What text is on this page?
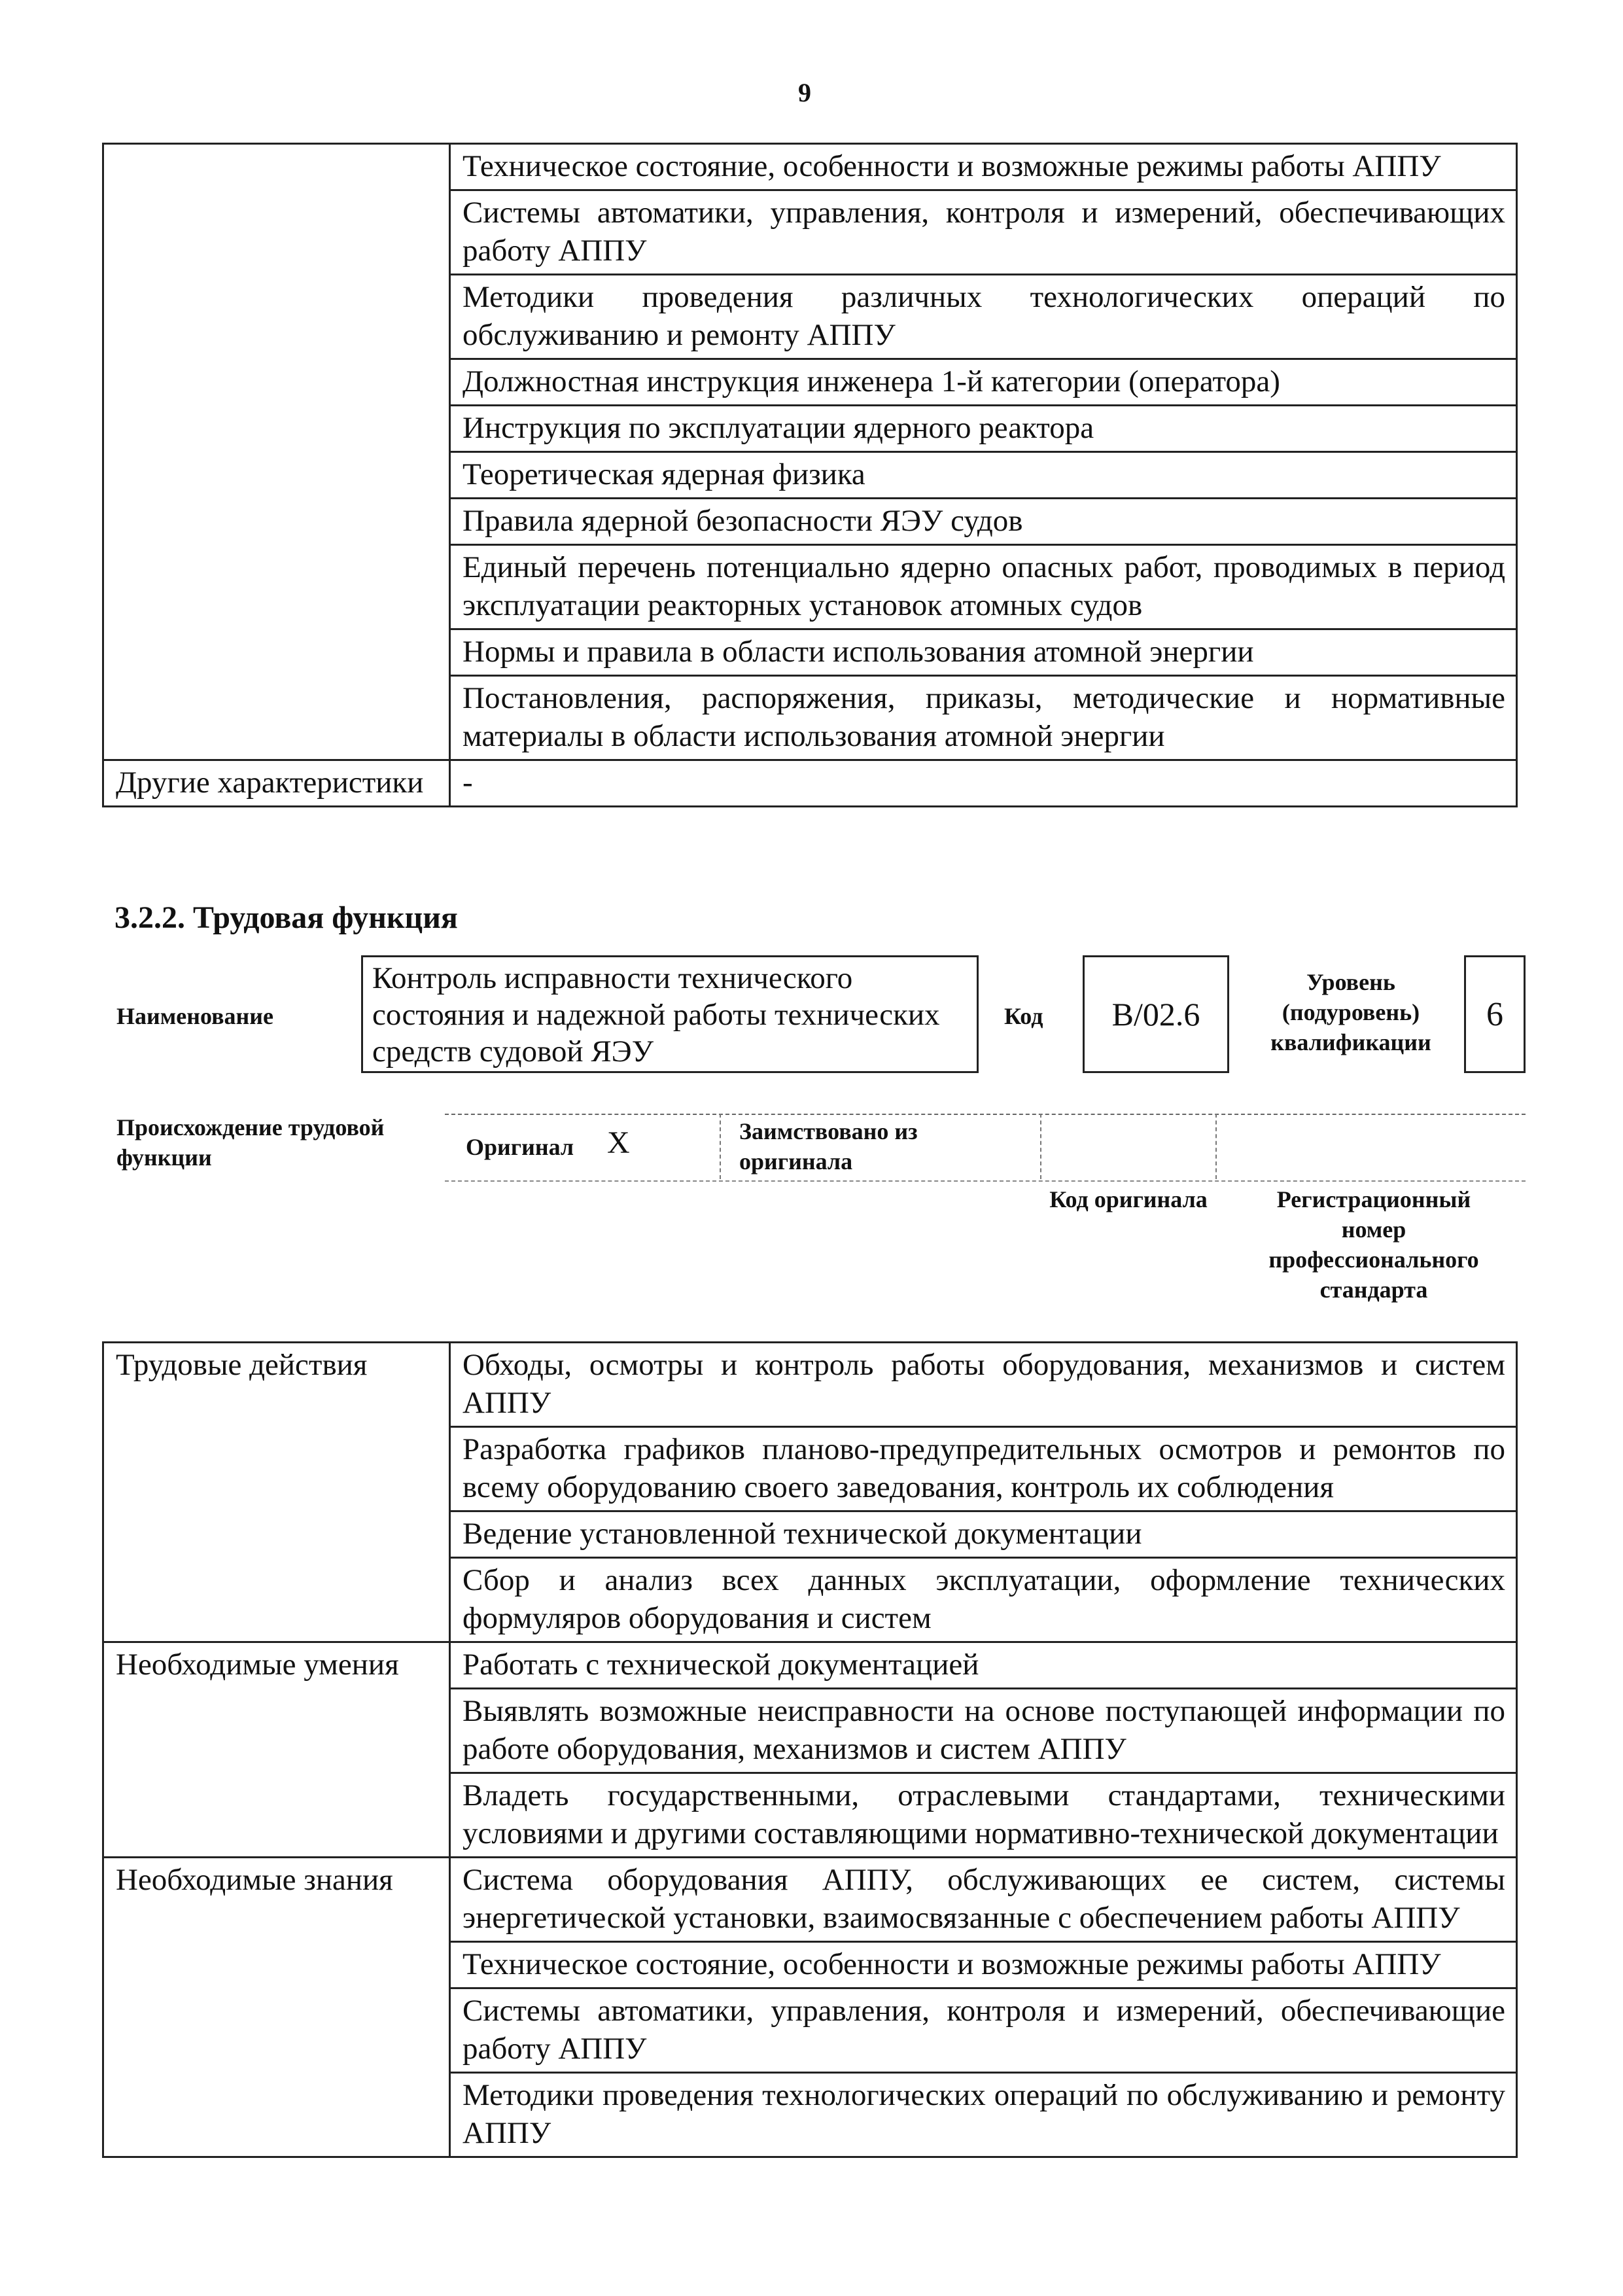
9
	Техническое состояние, особенности и возможные режимы работы АППУ
	Системы автоматики, управления, контроля и измерений, обеспечивающих работу АППУ
	Методики проведения различных технологических операций по обслуживанию и ремонту АППУ
	Должностная инструкция инженера 1-й категории (оператора)
	Инструкция по эксплуатации ядерного реактора
	Теоретическая ядерная физика
	Правила ядерной безопасности ЯЭУ судов
	Единый перечень потенциально ядерно опасных работ, проводимых в период эксплуатации реакторных установок атомных судов
	Нормы и правила в области использования атомной энергии
	Постановления, распоряжения, приказы, методические и нормативные материалы в области использования атомной энергии
Другие характеристики	-
3.2.2. Трудовая функция
Наименование
Контроль исправности технического состояния и надежной работы технических средств судовой ЯЭУ
Код	B/02.6
Уровень (подуровень) квалификации
6
Происхождение трудовой функции	Оригинал X	Заимствовано из оригинала
Код оригинала	Регистрационный номер профессионального стандарта
Трудовые действия	Обходы, осмотры и контроль работы оборудования, механизмов и систем АППУ
	Разработка графиков планово-предупредительных осмотров и ремонтов по всему оборудованию своего заведования, контроль их соблюдения
	Ведение установленной технической документации
	Сбор и анализ всех данных эксплуатации, оформление технических формуляров оборудования и систем
Необходимые умения	Работать с технической документацией
	Выявлять возможные неисправности на основе поступающей информации по работе оборудования, механизмов и систем АППУ
	Владеть государственными, отраслевыми стандартами, техническими условиями и другими составляющими нормативно-технической документации
Необходимые знания	Система оборудования АППУ, обслуживающих ее систем, системы энергетической установки, взаимосвязанные с обеспечением работы АППУ
	Техническое состояние, особенности и возможные режимы работы АППУ
	Системы автоматики, управления, контроля и измерений, обеспечивающие работу АППУ
	Методики проведения технологических операций по обслуживанию и ремонту АППУ
